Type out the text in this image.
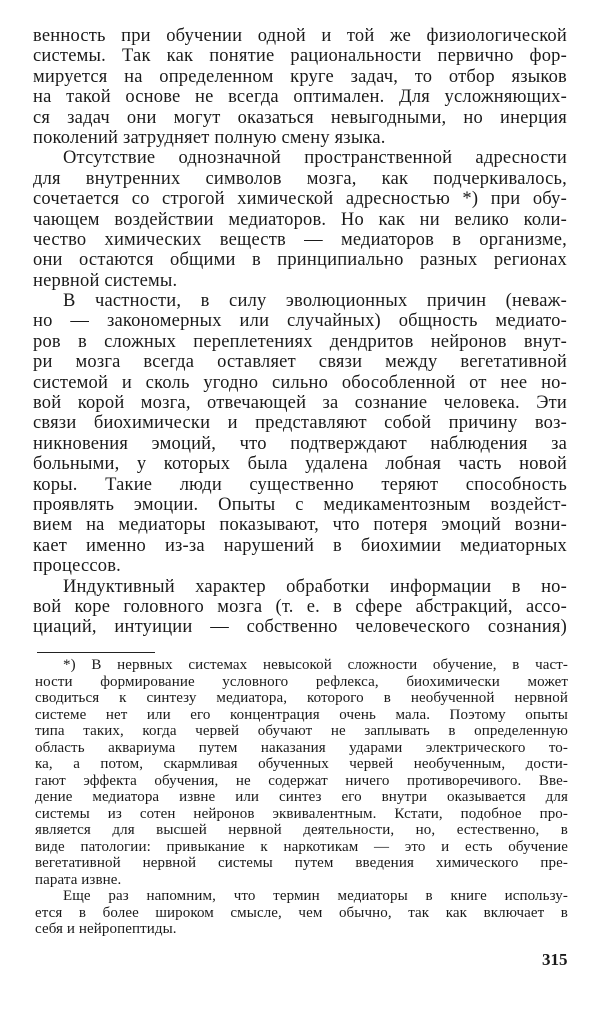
венность при обучении одной и той же физиологической
системы. Так как понятие рациональности первично фор-
мируется на определенном круге задач, то отбор языков
на такой основе не всегда оптимален. Для усложняющих-
ся задач они могут оказаться невыгодными, но инерция
поколений затрудняет полную смену языка.
Отсутствие однозначной пространственной адресности
для внутренних символов мозга, как подчеркивалось,
сочетается со строгой химической адресностью *) при обу-
чающем воздействии медиаторов. Но как ни велико коли-
чество химических веществ — медиаторов в организме,
они остаются общими в принципиально разных регионах
нервной системы.
В частности, в силу эволюционных причин (неваж-
но — закономерных или случайных) общность медиато-
ров в сложных переплетениях дендритов нейронов внут-
ри мозга всегда оставляет связи между вегетативной
системой и сколь угодно сильно обособленной от нее но-
вой корой мозга, отвечающей за сознание человека. Эти
связи биохимически и представляют собой причину воз-
никновения эмоций, что подтверждают наблюдения за
больными, у которых была удалена лобная часть новой
коры. Такие люди существенно теряют способность
проявлять эмоции. Опыты с медикаментозным воздейст-
вием на медиаторы показывают, что потеря эмоций возни-
кает именно из-за нарушений в биохимии медиаторных
процессов.
Индуктивный характер обработки информации в но-
вой коре головного мозга (т. е. в сфере абстракций, ассо-
циаций, интуиции — собственно человеческого сознания)
*) В нервных системах невысокой сложности обучение, в част-
ности формирование условного рефлекса, биохимически может
сводиться к синтезу медиатора, которого в необученной нервной
системе нет или его концентрация очень мала. Поэтому опыты
типа таких, когда червей обучают не заплывать в определенную
область аквариума путем наказания ударами электрического то-
ка, а потом, скармливая обученных червей необученным, дости-
гают эффекта обучения, не содержат ничего противоречивого. Вве-
дение медиатора извне или синтез его внутри оказывается для
системы из сотен нейронов эквивалентным. Кстати, подобное про-
является для высшей нервной деятельности, но, естественно, в
виде патологии: привыкание к наркотикам — это и есть обучение
вегетативной нервной системы путем введения химического пре-
парата извне.
Еще раз напомним, что термин медиаторы в книге использу-
ется в более широком смысле, чем обычно, так как включает в
себя и нейропептиды.
315
